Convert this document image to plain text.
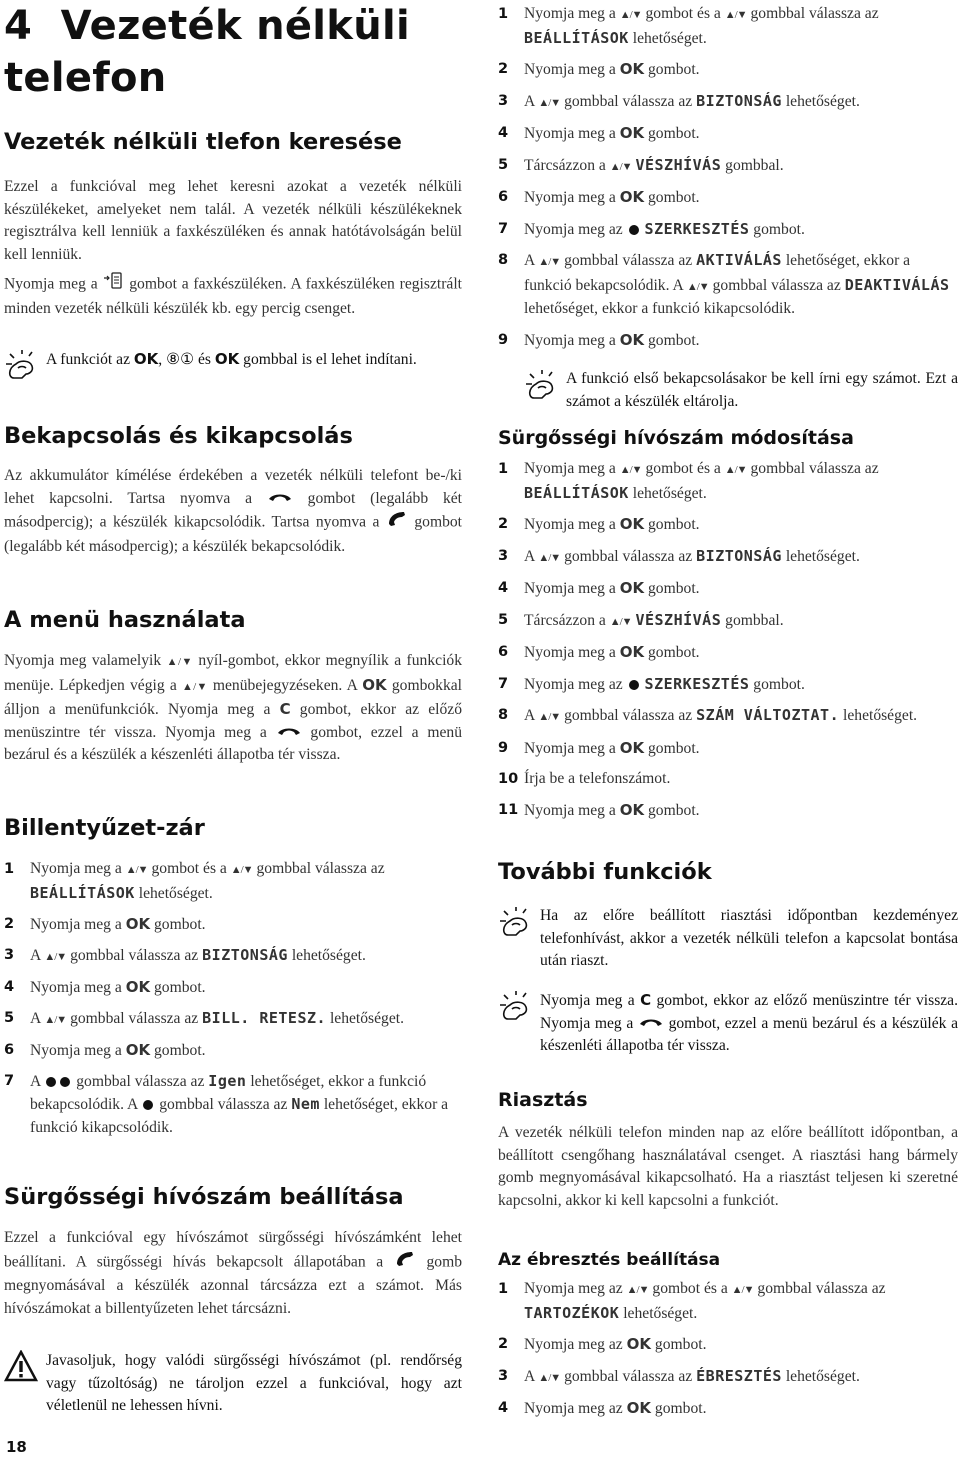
4 Vezeték nélküli
telefon
Vezeték nélküli tlefon keresése

Ezzel a funkcióval meg lehet keresni azokat a vezeték nélküli készülékeket, amelyeket nem talál. A vezeték nélküli készülékeknek regisztrálva kell lenniük a faxkészüléken és annak hatótávolságán belül kell lenniük.

Nyomja meg a gombot a faxkészüléken. A faxkészüléken regisztrált minden vezeték nélküli készülék kb. egy percig csenget.

A funkciót az OK, ⑧① és OK gombbal is el lehet indítani.
Bekapcsolás és kikapcsolás

Az akkumulátor kímélése érdekében a vezeték nélküli telefont be-/ki lehet kapcsolni. Tartsa nyomva a	gombot (legalább két másodpercig); a készülék kikapcsolódik. Tartsa nyomva a gombot (legalább két másodpercig); a készülék bekapcsolódik.

A menü használata

Nyomja meg valamelyik ▲/▼ nyíl-gombot, ekkor megnyílik a funkciók menüje. Lépkedjen végig a ▲/▼ menübejegyzéseken. A OK gombokkal álljon a menüfunkciók. Nyomja meg a C gombot, ekkor az előző menüszintre tér vissza. Nyomja meg a	gombot, ezzel a menü bezárul és a készülék a készenléti állapotba tér vissza.

Billentyűzet-zár
1	Nyomja meg a ▲/▼ gombot és a ▲/▼ gombbal válassza az BEÁLLÍTÁSOK lehetőséget.
2	Nyomja meg a OK gombot.
3	A ▲/▼ gombbal válassza az BIZTONSÁG lehetőséget.
4	Nyomja meg a OK gombot.
5	A ▲/▼ gombbal válassza az BILL. RETESZ. lehetőséget.
6	Nyomja meg a OK gombot.
7	A gombbal válassza az Igen lehetőséget, ekkor a funkció bekapcsolódik. A gombbal válassza az Nem lehetőséget, ekkor a funkció kikapcsolódik.
Sürgősségi hívószám beállítása

Ezzel a funkcióval egy hívószámot sürgősségi hívószámként lehet beállítani. A sürgősségi hívás bekapcsolt állapotában a	gomb megnyomásával a készülék azonnal tárcsázza ezt a számot. Más hívószámokat a billentyűzeten lehet tárcsázni.

Javasoljuk, hogy valódi sürgősségi hívószámot (pl. rendőrség vagy tűzoltóság) ne tároljon ezzel a funkcióval, hogy azt véletlenül ne lehessen hívni.
18
1	Nyomja meg a ▲/▼ gombot és a ▲/▼ gombbal válassza az BEÁLLÍTÁSOK lehetőséget.
2	Nyomja meg a OK gombot.
3	A ▲/▼ gombbal válassza az BIZTONSÁG lehetőséget.
4	Nyomja meg a OK gombot.
5	Tárcsázzon a ▲/▼ VÉSZHÍVÁS gombbal.
6	Nyomja meg a OK gombot.
7	Nyomja meg az SZERKESZTÉS gombot.
8	A ▲/▼ gombbal válassza az AKTIVÁLÁS lehetőséget, ekkor a funkció bekapcsolódik. A ▲/▼ gombbal válassza az DEAKTIVÁLÁS lehetőséget, ekkor a funkció kikapcsolódik.
9	Nyomja meg a OK gombot.
A funkció első bekapcsolásakor be kell írni egy számot. Ezt a számot a készülék eltárolja.
Sürgősségi hívószám módosítása
1	Nyomja meg a ▲/▼ gombot és a ▲/▼ gombbal válassza az BEÁLLÍTÁSOK lehetőséget.
2	Nyomja meg a OK gombot.
3	A ▲/▼ gombbal válassza az BIZTONSÁG lehetőséget.
4	Nyomja meg a OK gombot.
5	Tárcsázzon a ▲/▼ VÉSZHÍVÁS gombbal.
6	Nyomja meg a OK gombot.
7	Nyomja meg az SZERKESZTÉS gombot.
8	A ▲/▼ gombbal válassza az SZÁM VÁLTOZTAT. lehetőséget.
9	Nyomja meg a OK gombot.
10 Írja be a telefonszámot.
11 Nyomja meg a OK gombot.
További funkciók
Ha az előre beállított riasztási időpontban kezdeményez telefonhívást, akkor a vezeték nélküli telefon a kapcsolat bontása után riaszt.
Nyomja meg a C gombot, ekkor az előző menüszintre tér vissza. Nyomja meg a gombot, ezzel a menü bezárul és a készülék a készenléti állapotba tér vissza.
Riasztás

A vezeték nélküli telefon minden nap az előre beállított időpontban, a beállított csengőhang használatával csenget. A riasztási hang bármely gomb megnyomásával kikapcsolható. Ha a riasztást teljesen ki szeretné kapcsolni, akkor ki kell kapcsolni a funkciót.

Az ébresztés beállítása
1	Nyomja meg az ▲/▼ gombot és a ▲/▼ gombbal válassza az TARTOZÉKOK lehetőséget.
2	Nyomja meg az OK gombot.
3	A ▲/▼ gombbal válassza az ÉBRESZTÉS lehetőséget.
4	Nyomja meg az OK gombot.
